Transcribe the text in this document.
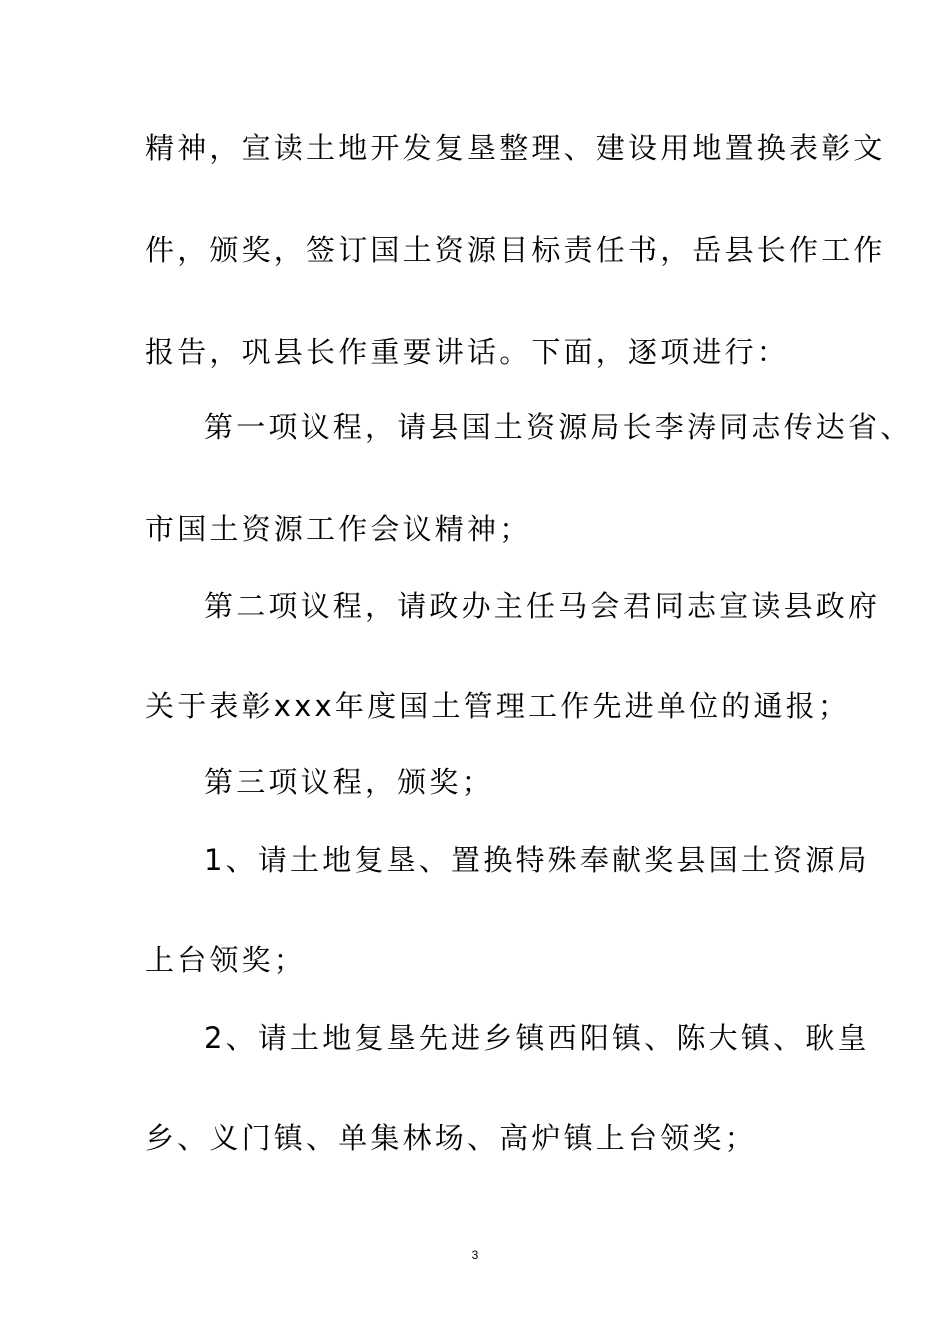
精神，宣读土地开发复垦整理、建设用地置换表彰文
件，颁奖，签订国土资源目标责任书，岳县长作工作
报告，巩县长作重要讲话。下面，逐项进行：
第一项议程，请县国土资源局长李涛同志传达省、
市国土资源工作会议精神；
第二项议程，请政办主任马会君同志宣读县政府
关于表彰xxx年度国土管理工作先进单位的通报；
第三项议程，颁奖；
1、请土地复垦、置换特殊奉献奖县国土资源局
上台领奖；
2、请土地复垦先进乡镇西阳镇、陈大镇、耿皇
乡、义门镇、单集林场、高炉镇上台领奖；
3
